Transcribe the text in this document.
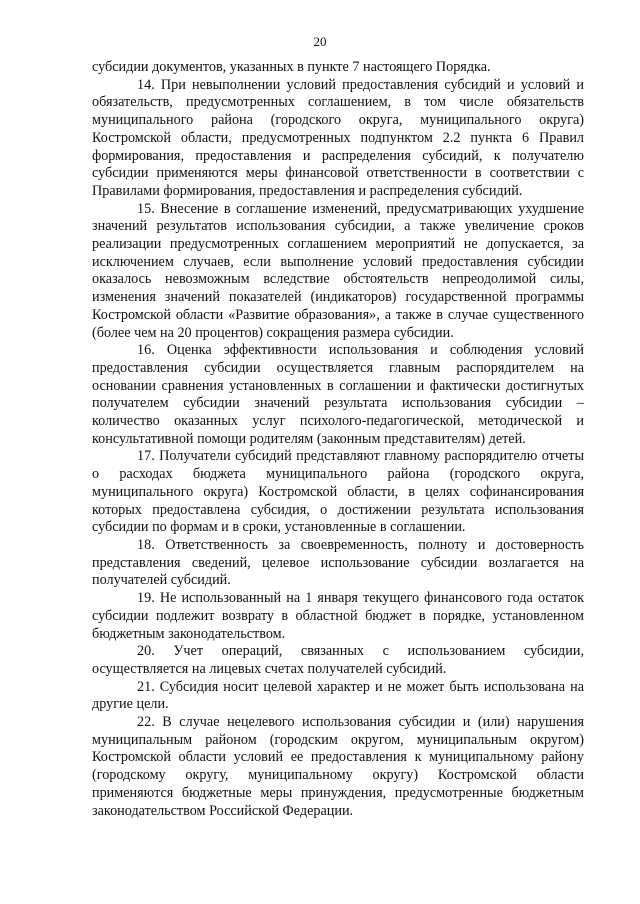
20

субсидии документов, указанных в пункте 7 настоящего Порядка.

14. При невыполнении условий предоставления субсидий и условий и обязательств, предусмотренных соглашением, в том числе обязательств муниципального района (городского округа, муниципального округа) Костромской области, предусмотренных подпунктом 2.2 пункта 6 Правил формирования, предоставления и распределения субсидий, к получателю субсидии применяются меры финансовой ответственности в соответствии с Правилами формирования, предоставления и распределения субсидий.

15. Внесение в соглашение изменений, предусматривающих ухудшение значений результатов использования субсидии, а также увеличение сроков реализации предусмотренных соглашением мероприятий не допускается, за исключением случаев, если выполнение условий предоставления субсидии оказалось невозможным вследствие обстоятельств непреодолимой силы, изменения значений показателей (индикаторов) государственной программы Костромской области «Развитие образования», а также в случае существенного (более чем на 20 процентов) сокращения размера субсидии.

16. Оценка эффективности использования и соблюдения условий предоставления субсидии осуществляется главным распорядителем на основании сравнения установленных в соглашении и фактически достигнутых получателем субсидии значений результата использования субсидии – количество оказанных услуг психолого-педагогической, методической и консультативной помощи родителям (законным представителям) детей.

17. Получатели субсидий представляют главному распорядителю отчеты о расходах бюджета муниципального района (городского округа, муниципального округа) Костромской области, в целях софинансирования которых предоставлена субсидия, о достижении результата использования субсидии по формам и в сроки, установленные в соглашении.

18. Ответственность за своевременность, полноту и достоверность представления сведений, целевое использование субсидии возлагается на получателей субсидий.

19. Не использованный на 1 января текущего финансового года остаток субсидии подлежит возврату в областной бюджет в порядке, установленном бюджетным законодательством.

20. Учет операций, связанных с использованием субсидии, осуществляется на лицевых счетах получателей субсидий.

21. Субсидия носит целевой характер и не может быть использована на другие цели.

22. В случае нецелевого использования субсидии и (или) нарушения муниципальным районом (городским округом, муниципальным округом) Костромской области условий ее предоставления к муниципальному району (городскому округу, муниципальному округу) Костромской области применяются бюджетные меры принуждения, предусмотренные бюджетным законодательством Российской Федерации.
